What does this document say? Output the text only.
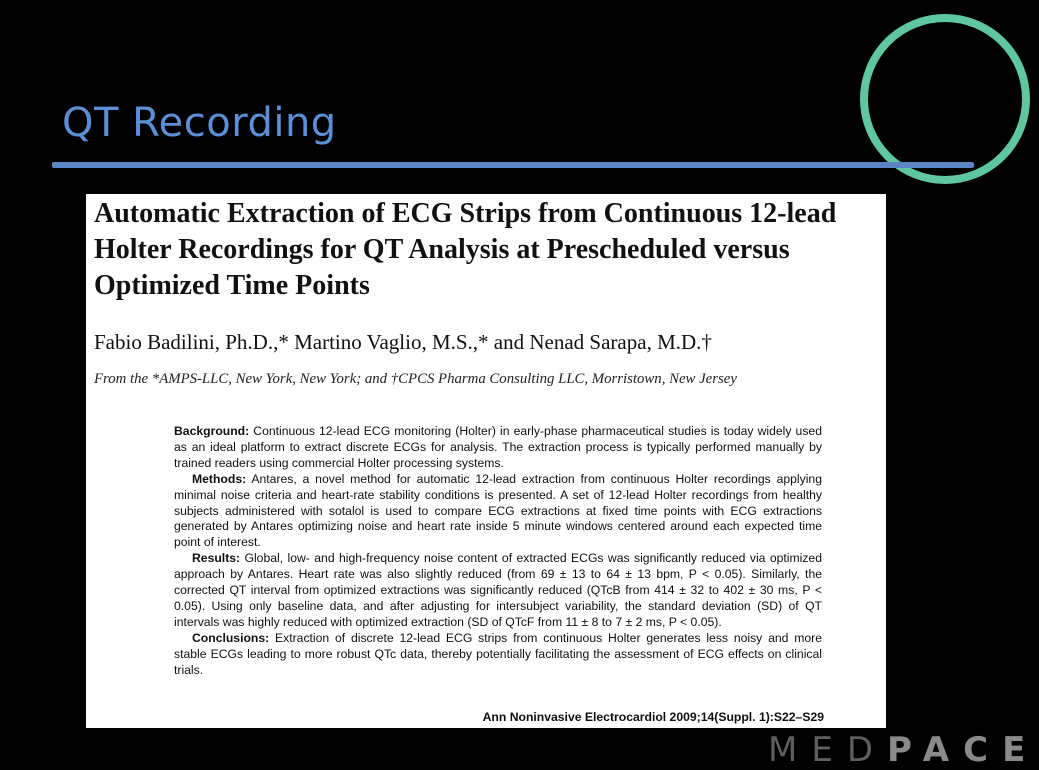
QT Recording
Automatic Extraction of ECG Strips from Continuous 12-lead Holter Recordings for QT Analysis at Prescheduled versus Optimized Time Points
Fabio Badilini, Ph.D.,* Martino Vaglio, M.S.,* and Nenad Sarapa, M.D.†
From the *AMPS-LLC, New York, New York; and †CPCS Pharma Consulting LLC, Morristown, New Jersey

Background: Continuous 12-lead ECG monitoring (Holter) in early-phase pharmaceutical studies is today widely used as an ideal platform to extract discrete ECGs for analysis. The extraction process is typically performed manually by trained readers using commercial Holter processing systems.

Methods: Antares, a novel method for automatic 12-lead extraction from continuous Holter recordings applying minimal noise criteria and heart-rate stability conditions is presented. A set of 12-lead Holter recordings from healthy subjects administered with sotalol is used to compare ECG extractions at fixed time points with ECG extractions generated by Antares optimizing noise and heart rate inside 5 minute windows centered around each expected time point of interest.

Results: Global, low- and high-frequency noise content of extracted ECGs was significantly reduced via optimized approach by Antares. Heart rate was also slightly reduced (from 69 ± 13 to 64 ± 13 bpm, P < 0.05). Similarly, the corrected QT interval from optimized extractions was significantly reduced (QTcB from 414 ± 32 to 402 ± 30 ms, P < 0.05). Using only baseline data, and after adjusting for intersubject variability, the standard deviation (SD) of QT intervals was highly reduced with optimized extraction (SD of QTcF from 11 ± 8 to 7 ± 2 ms, P < 0.05).

Conclusions: Extraction of discrete 12-lead ECG strips from continuous Holter generates less noisy and more stable ECGs leading to more robust QTc data, thereby potentially facilitating the assessment of ECG effects on clinical trials.

Ann Noninvasive Electrocardiol 2009;14(Suppl. 1):S22–S29
MEDPACE
